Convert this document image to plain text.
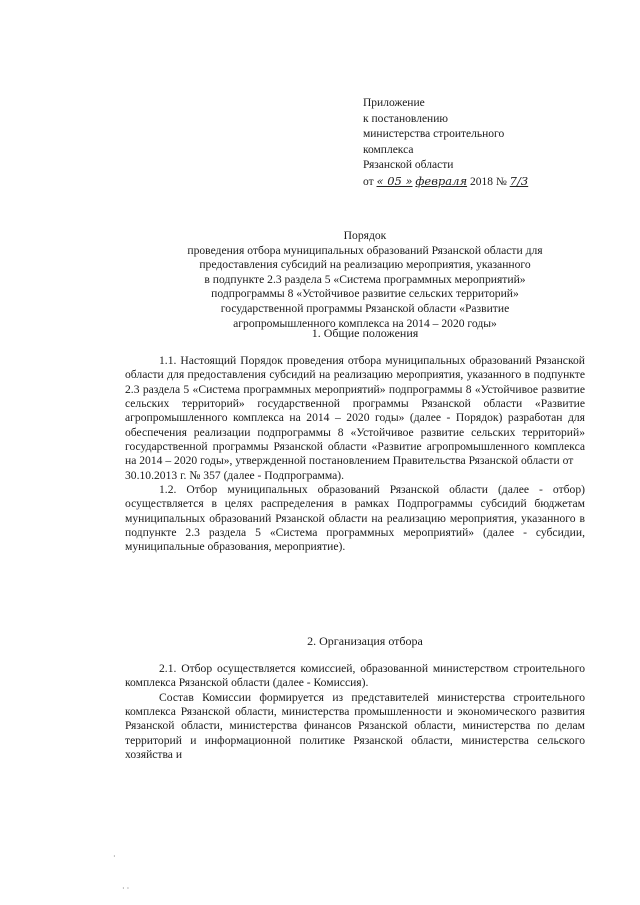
Приложение
к постановлению
министерства строительного
комплекса
Рязанской области
от « 05 » февраля 2018 № 7/3
Порядок
проведения отбора муниципальных образований Рязанской области для
предоставления субсидий на реализацию мероприятия, указанного
в подпункте 2.3 раздела 5 «Система программных мероприятий»
подпрограммы 8 «Устойчивое развитие сельских территорий»
государственной программы Рязанской области «Развитие
агропромышленного комплекса на 2014 – 2020 годы»
1. Общие положения

1.1. Настоящий Порядок проведения отбора муниципальных образований Рязанской области для предоставления субсидий на реализацию мероприятия, указанного в подпункте 2.3 раздела 5 «Система программных мероприятий» подпрограммы 8 «Устойчивое развитие сельских территорий» государственной программы Рязанской области «Развитие агропромышленного комплекса на 2014 – 2020 годы» (далее - Порядок) разработан для обеспечения реализации подпрограммы 8 «Устойчивое развитие сельских территорий» государственной программы Рязанской области «Развитие агропромышленного комплекса на 2014 – 2020 годы», утвержденной постановлением Правительства Рязанской области от

30.10.2013 г. № 357 (далее - Подпрограмма).

1.2. Отбор муниципальных образований Рязанской области (далее - отбор) осуществляется в целях распределения в рамках Подпрограммы субсидий бюджетам муниципальных образований Рязанской области на реализацию мероприятия, указанного в подпункте 2.3 раздела 5 «Система программных мероприятий» (далее - субсидии, муниципальные образования, мероприятие).

2. Организация отбора

2.1. Отбор осуществляется комиссией, образованной министерством строительного комплекса Рязанской области (далее - Комиссия).

Состав Комиссии формируется из представителей министерства строительного комплекса Рязанской области, министерства промышленности и экономического развития Рязанской области, министерства финансов Рязанской области, министерства по делам территорий и информационной политике Рязанской области, министерства сельского хозяйства и

·
· ·
